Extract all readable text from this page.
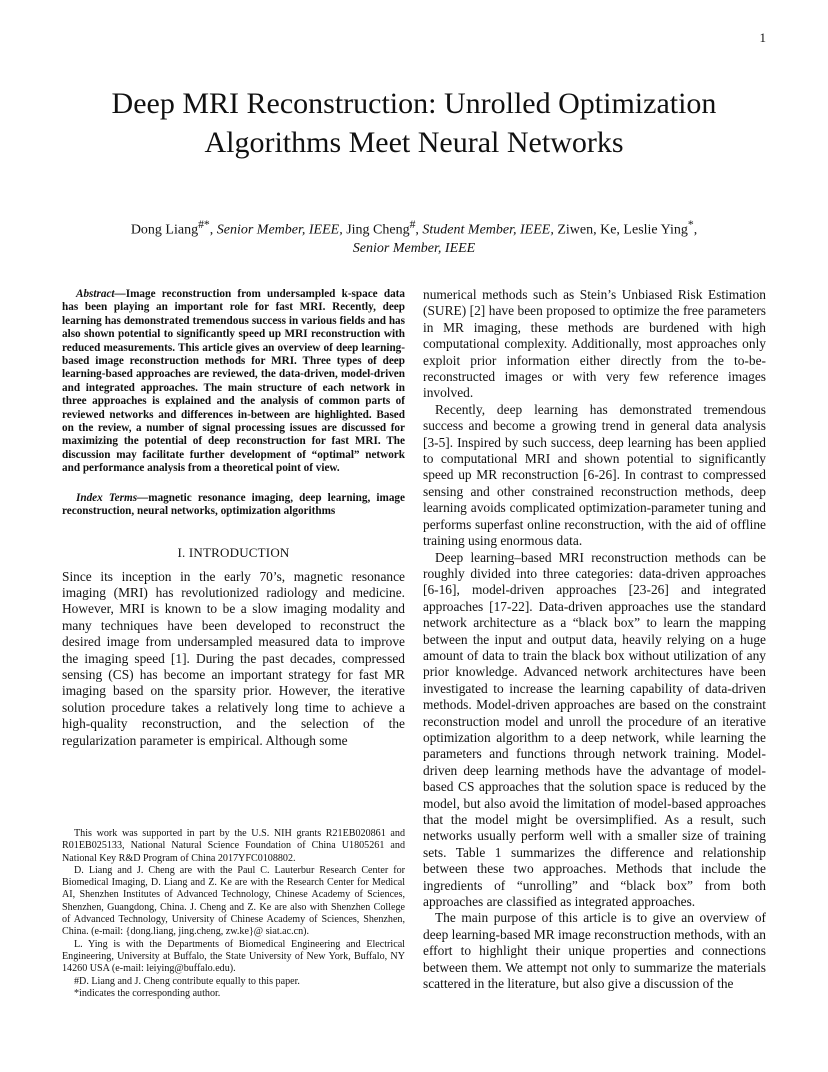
1
Deep MRI Reconstruction: Unrolled Optimization Algorithms Meet Neural Networks
Dong Liang#*, Senior Member, IEEE, Jing Cheng#, Student Member, IEEE, Ziwen, Ke, Leslie Ying*,
Senior Member, IEEE

Abstract—Image reconstruction from undersampled k-space data has been playing an important role for fast MRI. Recently, deep learning has demonstrated tremendous success in various fields and has also shown potential to significantly speed up MRI reconstruction with reduced measurements. This article gives an overview of deep learning-based image reconstruction methods for MRI. Three types of deep learning-based approaches are reviewed, the data-driven, model-driven and integrated approaches. The main structure of each network in three approaches is explained and the analysis of common parts of reviewed networks and differences in-between are highlighted. Based on the review, a number of signal processing issues are discussed for maximizing the potential of deep reconstruction for fast MRI. The discussion may facilitate further development of “optimal” network and performance analysis from a theoretical point of view.

Index Terms—magnetic resonance imaging, deep learning, image reconstruction, neural networks, optimization algorithms

I. INTRODUCTION

Since its inception in the early 70’s, magnetic resonance imaging (MRI) has revolutionized radiology and medicine. However, MRI is known to be a slow imaging modality and many techniques have been developed to reconstruct the desired image from undersampled measured data to improve the imaging speed [1]. During the past decades, compressed sensing (CS) has become an important strategy for fast MR imaging based on the sparsity prior. However, the iterative solution procedure takes a relatively long time to achieve a high-quality reconstruction, and the selection of the regularization parameter is empirical. Although some

This work was supported in part by the U.S. NIH grants R21EB020861 and R01EB025133, National Natural Science Foundation of China U1805261 and National Key R&D Program of China 2017YFC0108802.

D. Liang and J. Cheng are with the Paul C. Lauterbur Research Center for Biomedical Imaging, D. Liang and Z. Ke are with the Research Center for Medical AI, Shenzhen Institutes of Advanced Technology, Chinese Academy of Sciences, Shenzhen, Guangdong, China. J. Cheng and Z. Ke are also with Shenzhen College of Advanced Technology, University of Chinese Academy of Sciences, Shenzhen, China. (e-mail: {dong.liang, jing.cheng, zw.ke}@ siat.ac.cn).

L. Ying is with the Departments of Biomedical Engineering and Electrical Engineering, University at Buffalo, the State University of New York, Buffalo, NY 14260 USA (e-mail: leiying@buffalo.edu).

#D. Liang and J. Cheng contribute equally to this paper.

*indicates the corresponding author.

numerical methods such as Stein’s Unbiased Risk Estimation (SURE) [2] have been proposed to optimize the free parameters in MR imaging, these methods are burdened with high computational complexity. Additionally, most approaches only exploit prior information either directly from the to-be-reconstructed images or with very few reference images involved.

Recently, deep learning has demonstrated tremendous success and become a growing trend in general data analysis [3-5]. Inspired by such success, deep learning has been applied to computational MRI and shown potential to significantly speed up MR reconstruction [6-26]. In contrast to compressed sensing and other constrained reconstruction methods, deep learning avoids complicated optimization-parameter tuning and performs superfast online reconstruction, with the aid of offline training using enormous data.

Deep learning–based MRI reconstruction methods can be roughly divided into three categories: data-driven approaches [6-16], model-driven approaches [23-26] and integrated approaches [17-22]. Data-driven approaches use the standard network architecture as a “black box” to learn the mapping between the input and output data, heavily relying on a huge amount of data to train the black box without utilization of any prior knowledge. Advanced network architectures have been investigated to increase the learning capability of data-driven methods. Model-driven approaches are based on the constraint reconstruction model and unroll the procedure of an iterative optimization algorithm to a deep network, while learning the parameters and functions through network training. Model-driven deep learning methods have the advantage of model-based CS approaches that the solution space is reduced by the model, but also avoid the limitation of model-based approaches that the model might be oversimplified. As a result, such networks usually perform well with a smaller size of training sets. Table 1 summarizes the difference and relationship between these two approaches. Methods that include the ingredients of “unrolling” and “black box” from both approaches are classified as integrated approaches.

The main purpose of this article is to give an overview of deep learning-based MR image reconstruction methods, with an effort to highlight their unique properties and connections between them. We attempt not only to summarize the materials scattered in the literature, but also give a discussion of the
